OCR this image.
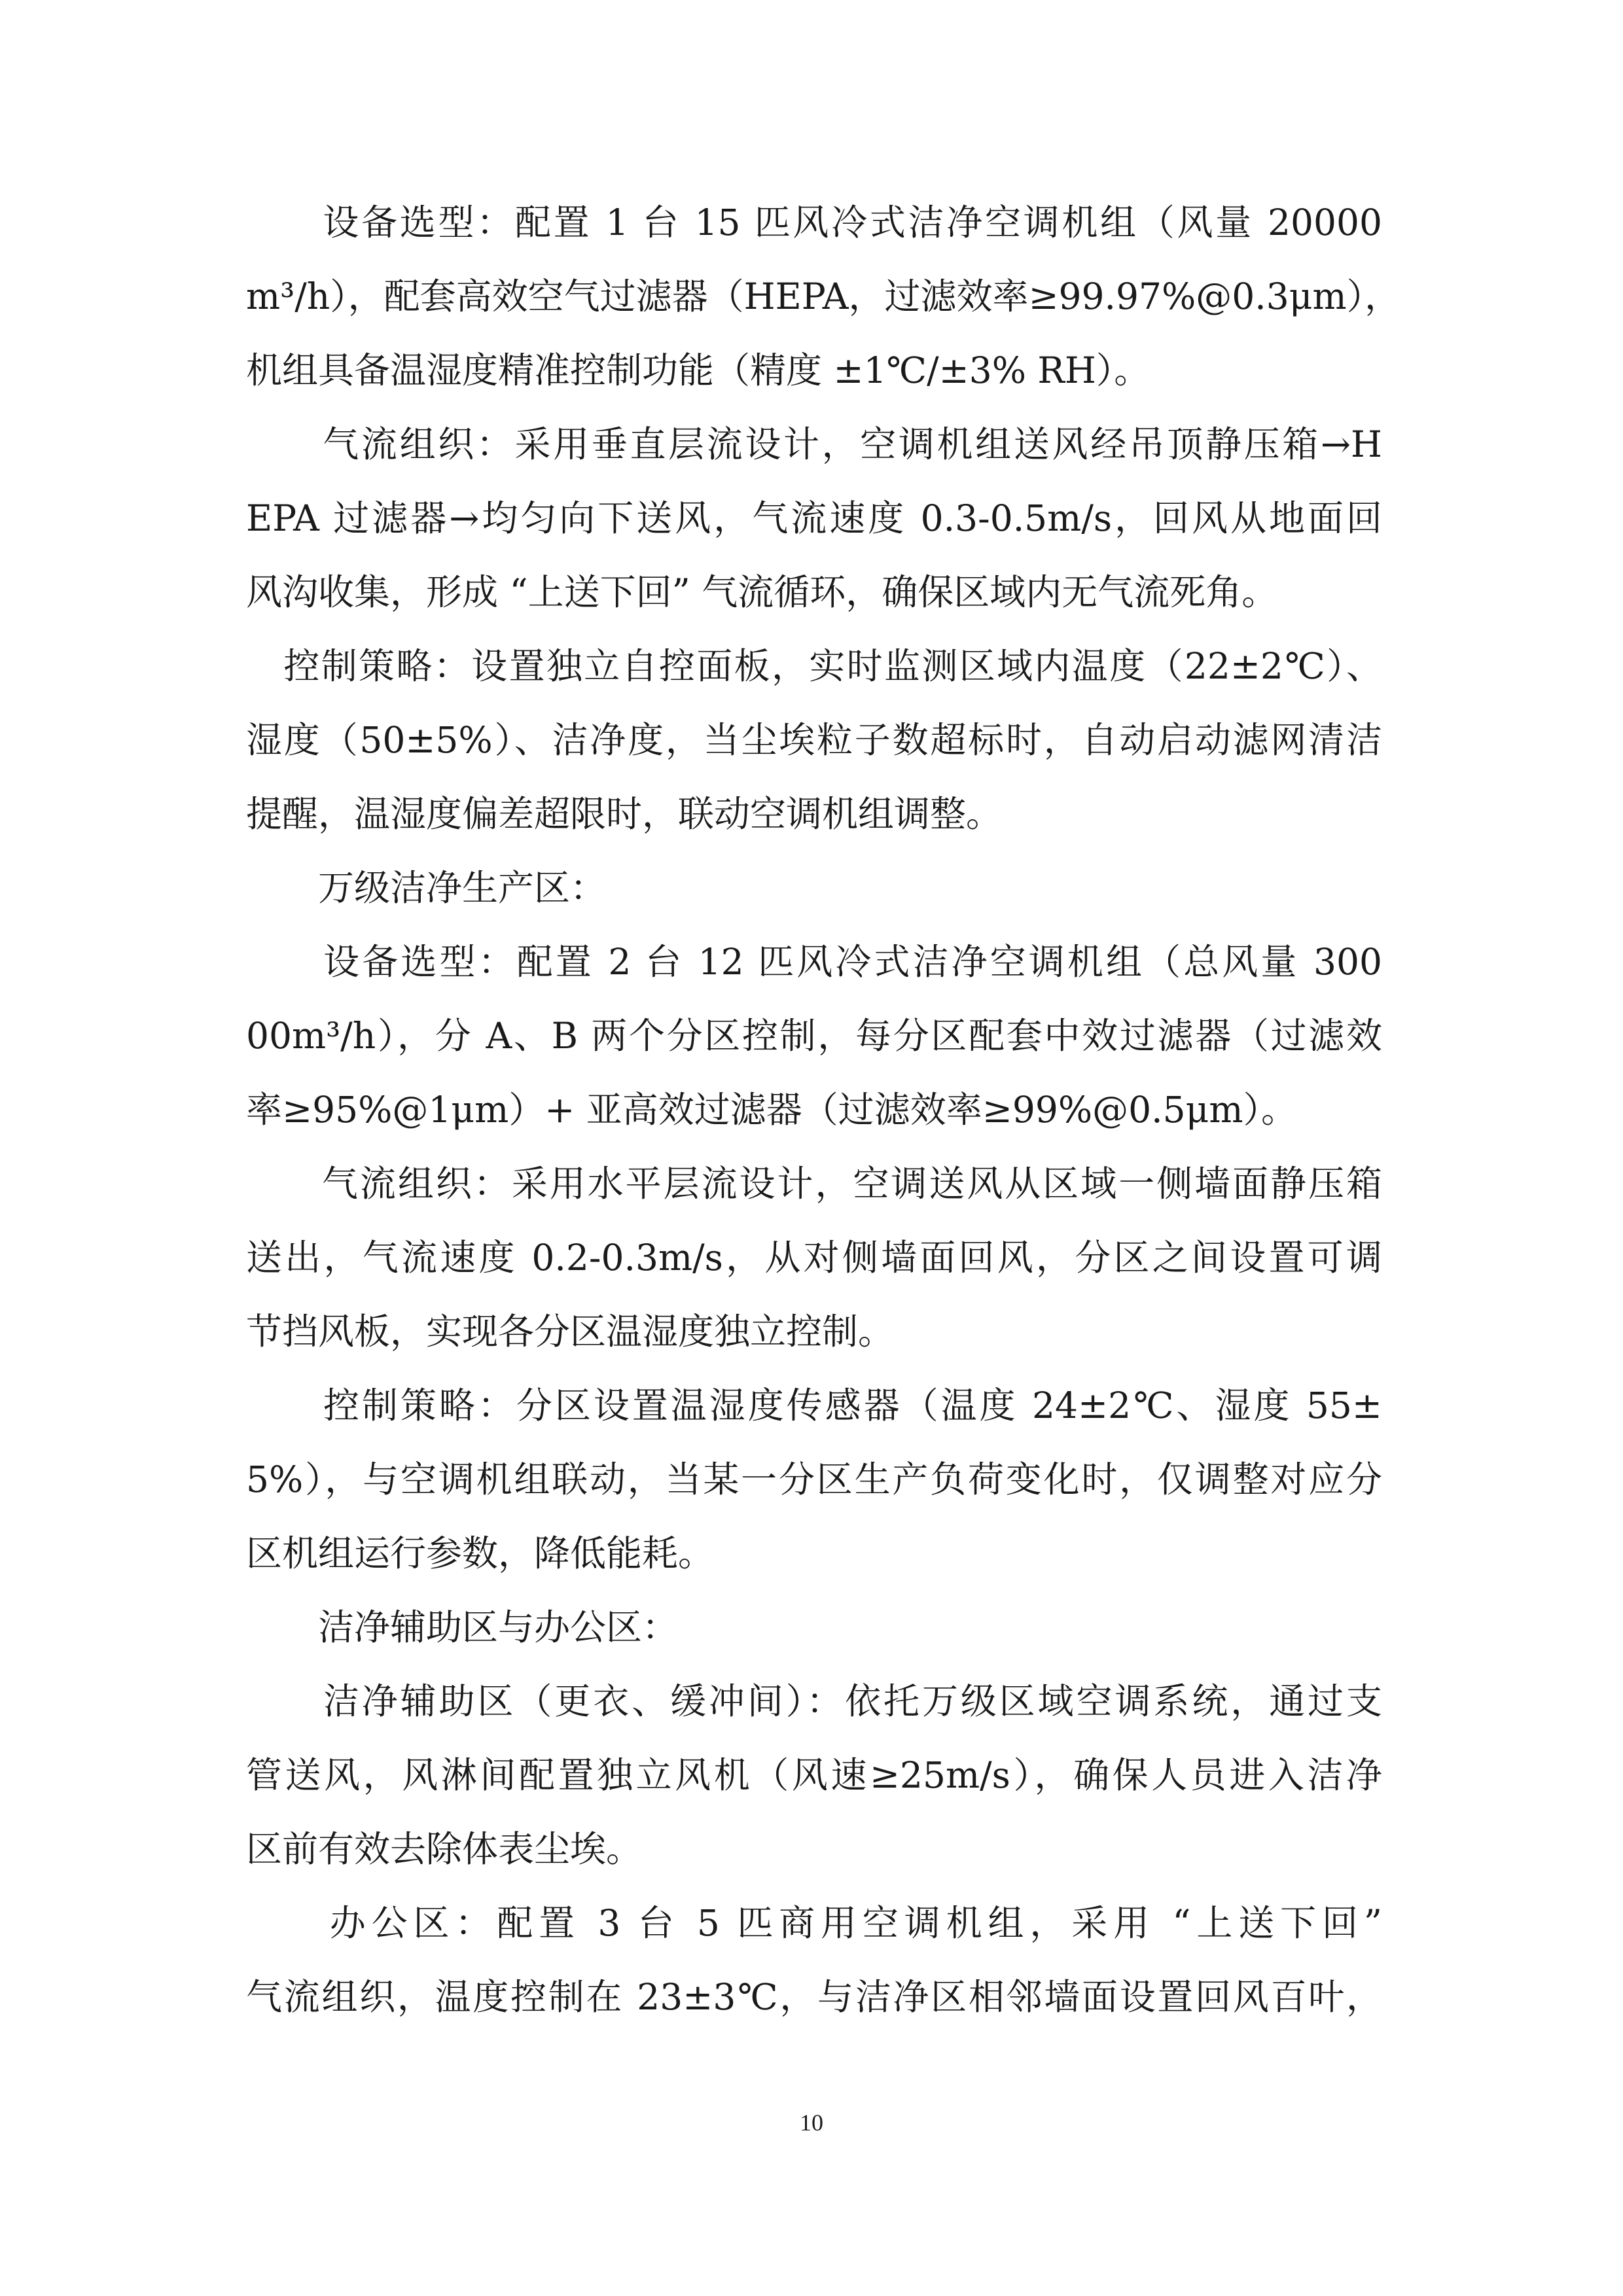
　　设备选型：配置 1 台 15 匹风冷式洁净空调机组（风量 20000
m³/h），配套高效空气过滤器（HEPA，过滤效率≥99.97%@0.3μm），
机组具备温湿度精准控制功能（精度 ±1℃/±3% RH）。
　　气流组织：采用垂直层流设计，空调机组送风经吊顶静压箱→H
EPA 过滤器→均匀向下送风，气流速度 0.3-0.5m/s，回风从地面回
风沟收集，形成 “上送下回” 气流循环，确保区域内无气流死角。
　控制策略：设置独立自控面板，实时监测区域内温度（22±2℃）、
湿度（50±5%）、洁净度，当尘埃粒子数超标时，自动启动滤网清洁
提醒，温湿度偏差超限时，联动空调机组调整。
　　万级洁净生产区：
　　设备选型：配置 2 台 12 匹风冷式洁净空调机组（总风量 300
00m³/h），分 A、B 两个分区控制，每分区配套中效过滤器（过滤效
率≥95%@1μm）+ 亚高效过滤器（过滤效率≥99%@0.5μm）。
　　气流组织：采用水平层流设计，空调送风从区域一侧墙面静压箱
送出，气流速度 0.2-0.3m/s，从对侧墙面回风，分区之间设置可调
节挡风板，实现各分区温湿度独立控制。
　　控制策略：分区设置温湿度传感器（温度 24±2℃、湿度 55±
5%），与空调机组联动，当某一分区生产负荷变化时，仅调整对应分
区机组运行参数，降低能耗。
　　洁净辅助区与办公区：
　　洁净辅助区（更衣、缓冲间）：依托万级区域空调系统，通过支
管送风，风淋间配置独立风机（风速≥25m/s），确保人员进入洁净
区前有效去除体表尘埃。
　　办公区：配置 3 台 5 匹商用空调机组，采用 “上送下回”
气流组织，温度控制在 23±3℃，与洁净区相邻墙面设置回风百叶，
10
